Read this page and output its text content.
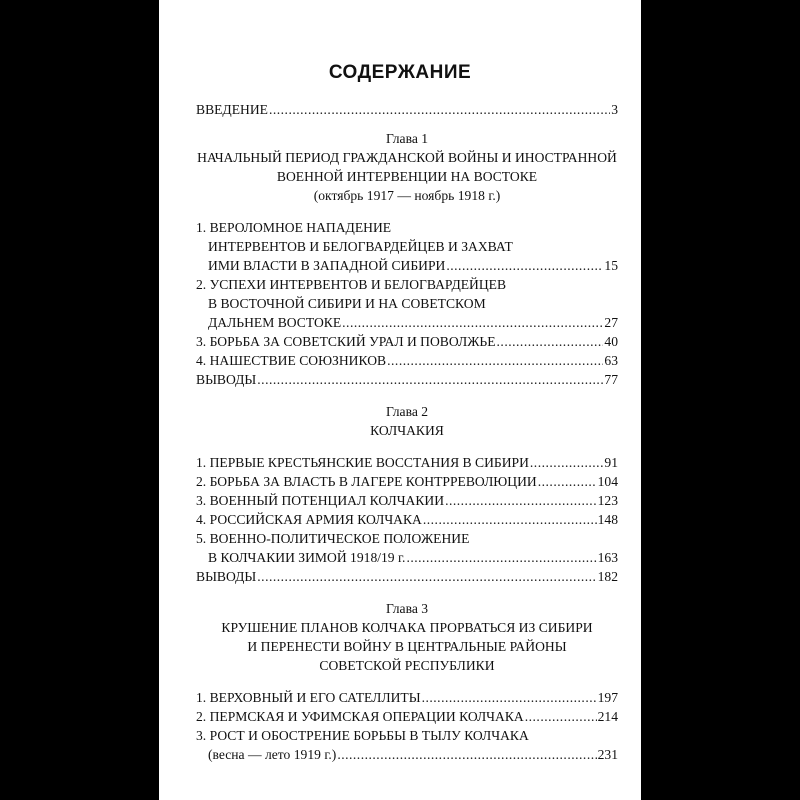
СОДЕРЖАНИЕ
ВВЕДЕНИЕ .....	3
Глава 1
НАЧАЛЬНЫЙ ПЕРИОД ГРАЖДАНСКОЙ ВОЙНЫ И ИНОСТРАННОЙ
ВОЕННОЙ ИНТЕРВЕНЦИИ НА ВОСТОКЕ
(октябрь 1917 — ноябрь 1918 г.)
1. ВЕРОЛОМНОЕ НАПАДЕНИЕ
ИНТЕРВЕНТОВ И БЕЛОГВАРДЕЙЦЕВ И ЗАХВАТ
ИМИ ВЛАСТИ В ЗАПАДНОЙ СИБИРИ .....	15
2. УСПЕХИ ИНТЕРВЕНТОВ И БЕЛОГВАРДЕЙЦЕВ
В ВОСТОЧНОЙ СИБИРИ И НА СОВЕТСКОМ
ДАЛЬНЕМ ВОСТОКЕ .....	27
3. БОРЬБА ЗА СОВЕТСКИЙ УРАЛ И ПОВОЛЖЬЕ .....	40
4. НАШЕСТВИЕ СОЮЗНИКОВ .....	63
ВЫВОДЫ .....	77
Глава 2
КОЛЧАКИЯ
1. ПЕРВЫЕ КРЕСТЬЯНСКИЕ ВОССТАНИЯ В СИБИРИ .....	91
2. БОРЬБА ЗА ВЛАСТЬ В ЛАГЕРЕ КОНТРРЕВОЛЮЦИИ .....	104
3. ВОЕННЫЙ ПОТЕНЦИАЛ КОЛЧАКИИ .....	123
4. РОССИЙСКАЯ АРМИЯ КОЛЧАКА .....	148
5. ВОЕННО-ПОЛИТИЧЕСКОЕ ПОЛОЖЕНИЕ
В КОЛЧАКИИ ЗИМОЙ 1918/19 г. .....	163
ВЫВОДЫ .....	182
Глава 3
КРУШЕНИЕ ПЛАНОВ КОЛЧАКА ПРОРВАТЬСЯ ИЗ СИБИРИ
И ПЕРЕНЕСТИ ВОЙНУ В ЦЕНТРАЛЬНЫЕ РАЙОНЫ
СОВЕТСКОЙ РЕСПУБЛИКИ
1. ВЕРХОВНЫЙ И ЕГО САТЕЛЛИТЫ .....	197
2. ПЕРМСКАЯ И УФИМСКАЯ ОПЕРАЦИИ КОЛЧАКА .....	214
3. РОСТ И ОБОСТРЕНИЕ БОРЬБЫ В ТЫЛУ КОЛЧАКА
(весна — лето 1919 г.) .....	231
